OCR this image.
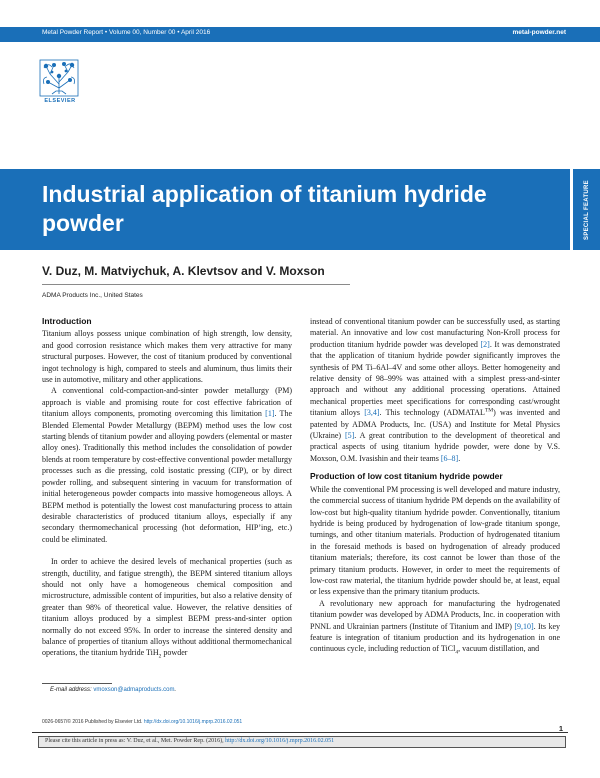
Metal Powder Report • Volume 00, Number 00 • April 2016	metal-powder.net
ELSEVIER
Industrial application of titanium hydride powder	SPECIAL FEATURE
V. Duz, M. Matviychuk, A. Klevtsov and V. Moxson
ADMA Products Inc., United States
Introduction

Titanium alloys possess unique combination of high strength, low density, and good corrosion resistance which makes them very attractive for many structural purposes. However, the cost of titanium produced by conventional ingot technology is high, compared to steels and aluminum, thus limits their use in automotive, military and other applications.

A conventional cold-compaction-and-sinter powder metallurgy (PM) approach is viable and promising route for cost effective fabrication of titanium alloys components, promoting overcoming this limitation [1]. The Blended Elemental Powder Metallurgy (BEPM) method uses the low cost starting blends of titanium powder and alloying powders (elemental or master alloy ones). Traditionally this method includes the consolidation of powder blends at room temperature by cost-effective conventional powder metallurgy processes such as die pressing, cold isostatic pressing (CIP), or by direct powder rolling, and subsequent sintering in vacuum for transformation of initial heterogeneous powder compacts into massive homogeneous alloys. A BEPM method is potentially the lowest cost manufacturing process to attain desirable characteristics of produced titanium alloys, especially if any secondary thermomechanical processing (hot deformation, HIP’ing, etc.) could be eliminated.

In order to achieve the desired levels of mechanical properties (such as strength, ductility, and fatigue strength), the BEPM sintered titanium alloys should not only have a homogeneous chemical composition and microstructure, admissible content of impurities, but also a relative density of greater than 98% of theoretical value. However, the relative densities of titanium alloys produced by a simplest BEPM press-and-sinter option normally do not exceed 95%. In order to increase the sintered density and balance of properties of titanium alloys without additional thermomechanical operations, the titanium hydride TiH$_2$ powder

instead of conventional titanium powder can be successfully used, as starting material. An innovative and low cost manufacturing Non-Kroll process for production titanium hydride powder was developed [2]. It was demonstrated that the application of titanium hydride powder significantly improves the synthesis of PM Ti–6Al–4V and some other alloys. Better homogeneity and relative density of 98–99% was attained with a simplest press-and-sinter approach and without any additional processing operations. Attained mechanical properties meet specifications for corresponding cast/wrought titanium alloys [3,4]. This technology (ADMATAL™) was invented and patented by ADMA Products, Inc. (USA) and Institute for Metal Physics (Ukraine) [5]. A great contribution to the development of theoretical and practical aspects of using titanium hydride powder, were done by V.S. Moxson, O.M. Ivasishin and their teams [6–8].

Production of low cost titanium hydride powder

While the conventional PM processing is well developed and mature industry, the commercial success of titanium hydride PM depends on the availability of low-cost but high-quality titanium hydride powder. Conventionally, titanium hydride is being produced by hydrogenation of low-grade titanium sponge, turnings, and other titanium materials. Production of hydrogenated titanium in the foresaid methods is based on hydrogenation of already produced titanium materials; therefore, its cost cannot be lower than those of the primary titanium products. However, in order to meet the requirements of low-cost raw material, the titanium hydride powder should be, at least, equal or less expensive than the primary titanium products.

A revolutionary new approach for manufacturing the hydrogenated titanium powder was developed by ADMA Products, Inc. in cooperation with PNNL and Ukrainian partners (Institute of Titanium and IMP) [9,10]. Its key feature is integration of titanium production and its hydrogenation in one continuous cycle, including reduction of TiCl$_4$, vacuum distillation, and

E-mail address: vmoxson@admaproducts.com.
0026-0657/© 2016 Published by Elsevier Ltd. http://dx.doi.org/10.1016/j.mprp.2016.02.051
1
Please cite this article in press as: V. Duz, et al., Met. Powder Rep. (2016), http://dx.doi.org/10.1016/j.mprp.2016.02.051
